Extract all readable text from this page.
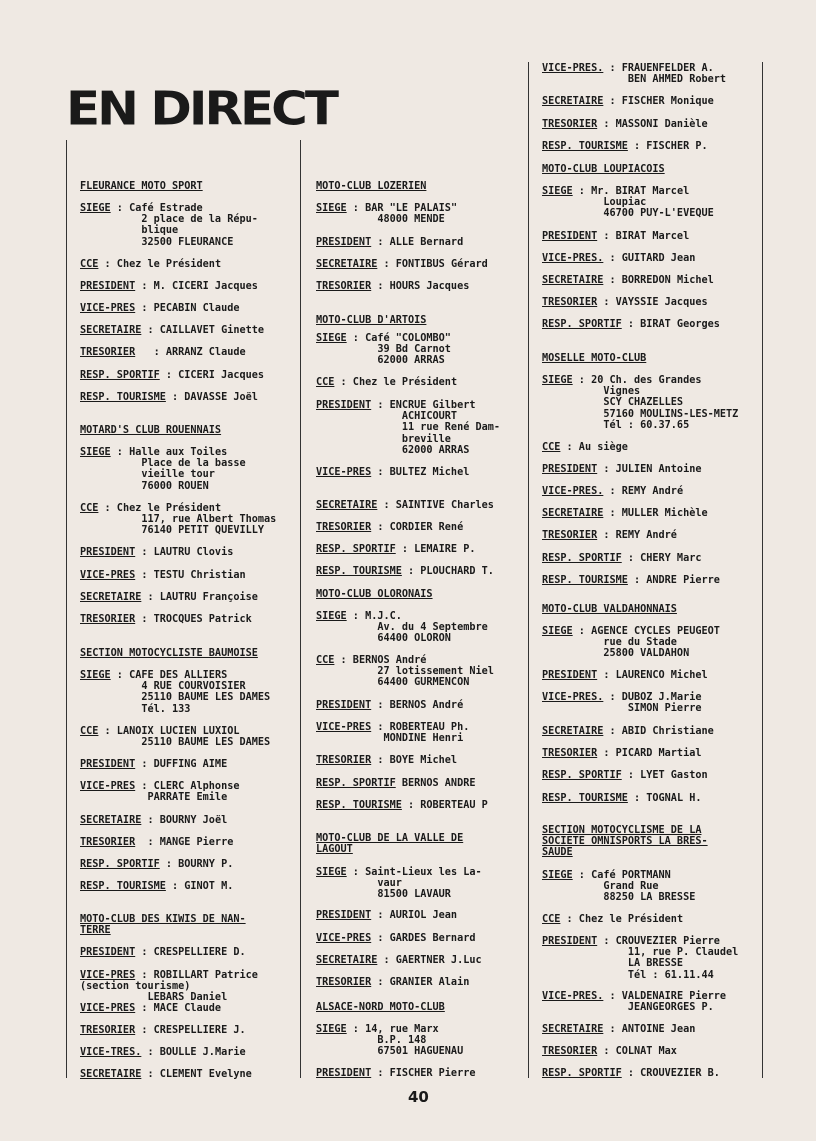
EN DIRECT
FLEURANCE MOTO SPORT
SIEGE : Café Estrade
2 place de la Répu-
blique
32500 FLEURANCE
CCE : Chez le Président
PRESIDENT : M. CICERI Jacques
VICE-PRES : PECABIN Claude
SECRETAIRE : CAILLAVET Ginette
TRESORIER   : ARRANZ Claude
RESP. SPORTIF : CICERI Jacques
RESP. TOURISME : DAVASSE Joël
MOTARD'S CLUB ROUENNAIS
SIEGE : Halle aux Toiles
Place de la basse
vieille tour
76000 ROUEN
CCE : Chez le Président
117, rue Albert Thomas
76140 PETIT QUEVILLY
PRESIDENT : LAUTRU Clovis
VICE-PRES : TESTU Christian
SECRETAIRE : LAUTRU Françoise
TRESORIER : TROCQUES Patrick
SECTION MOTOCYCLISTE BAUMOISE
SIEGE : CAFE DES ALLIERS
4 RUE COURVOISIER
25110 BAUME LES DAMES
Tél. 133
CCE : LANOIX LUCIEN LUXIOL
25110 BAUME LES DAMES
PRESIDENT : DUFFING AIME
VICE-PRES : CLERC Alphonse
PARRATE Emile
SECRETAIRE : BOURNY Joël
TRESORIER  : MANGE Pierre
RESP. SPORTIF : BOURNY P.
RESP. TOURISME : GINOT M.
MOTO-CLUB DES KIWIS DE NAN-
TERRE
PRESIDENT : CRESPELLIERE D.
VICE-PRES : ROBILLART Patrice
(section tourisme)
LEBARS Daniel
VICE-PRES : MACE Claude
TRESORIER : CRESPELLIERE J.
VICE-TRES. : BOULLE J.Marie
SECRETAIRE : CLEMENT Evelyne
MOTO-CLUB LOZERIEN
SIEGE : BAR "LE PALAIS"
48000 MENDE
PRESIDENT : ALLE Bernard
SECRETAIRE : FONTIBUS Gérard
TRESORIER : HOURS Jacques
MOTO-CLUB D'ARTOIS
SIEGE : Café "COLOMBO"
39 Bd Carnot
62000 ARRAS
CCE : Chez le Président
PRESIDENT : ENCRUE Gilbert
ACHICOURT
11 rue René Dam-
breville
62000 ARRAS
VICE-PRES : BULTEZ Michel
SECRETAIRE : SAINTIVE Charles
TRESORIER : CORDIER René
RESP. SPORTIF : LEMAIRE P.
RESP. TOURISME : PLOUCHARD T.
MOTO-CLUB OLORONAIS
SIEGE : M.J.C.
Av. du 4 Septembre
64400 OLORON
CCE : BERNOS André
27 lotissement Niel
64400 GURMENCON
PRESIDENT : BERNOS André
VICE-PRES : ROBERTEAU Ph.
MONDINE Henri
TRESORIER : BOYE Michel
RESP. SPORTIF BERNOS ANDRE
RESP. TOURISME : ROBERTEAU P
MOTO-CLUB DE LA VALLE DE
LAGOUT
SIEGE : Saint-Lieux les La-
vaur
81500 LAVAUR
PRESIDENT : AURIOL Jean
VICE-PRES : GARDES Bernard
SECRETAIRE : GAERTNER J.Luc
TRESORIER : GRANIER Alain
ALSACE-NORD MOTO-CLUB
SIEGE : 14, rue Marx
B.P. 148
67501 HAGUENAU
PRESIDENT : FISCHER Pierre
VICE-PRES. : FRAUENFELDER A.
BEN AHMED Robert
SECRETAIRE : FISCHER Monique
TRESORIER : MASSONI Danièle
RESP. TOURISME : FISCHER P.
MOTO-CLUB LOUPIACOIS
SIEGE : Mr. BIRAT Marcel
Loupiac
46700 PUY-L'EVEQUE
PRESIDENT : BIRAT Marcel
VICE-PRES. : GUITARD Jean
SECRETAIRE : BORREDON Michel
TRESORIER : VAYSSIE Jacques
RESP. SPORTIF : BIRAT Georges
MOSELLE MOTO-CLUB
SIEGE : 20 Ch. des Grandes
Vignes
SCY CHAZELLES
57160 MOULINS-LES-METZ
Tél : 60.37.65
CCE : Au siège
PRESIDENT : JULIEN Antoine
VICE-PRES. : REMY André
SECRETAIRE : MULLER Michèle
TRESORIER : REMY André
RESP. SPORTIF : CHERY Marc
RESP. TOURISME : ANDRE Pierre
MOTO-CLUB VALDAHONNAIS
SIEGE : AGENCE CYCLES PEUGEOT
rue du Stade
25800 VALDAHON
PRESIDENT : LAURENCO Michel
VICE-PRES. : DUBOZ J.Marie
SIMON Pierre
SECRETAIRE : ABID Christiane
TRESORIER : PICARD Martial
RESP. SPORTIF : LYET Gaston
RESP. TOURISME : TOGNAL H.
SECTION MOTOCYCLISME DE LA
SOCIETE OMNISPORTS LA BRES-
SAUDE
SIEGE : Café PORTMANN
Grand Rue
88250 LA BRESSE
CCE : Chez le Président
PRESIDENT : CROUVEZIER Pierre
11, rue P. Claudel
LA BRESSE
Tél : 61.11.44
VICE-PRES. : VALDENAIRE Pierre
JEANGEORGES P.
SECRETAIRE : ANTOINE Jean
TRESORIER : COLNAT Max
RESP. SPORTIF : CROUVEZIER B.
40
